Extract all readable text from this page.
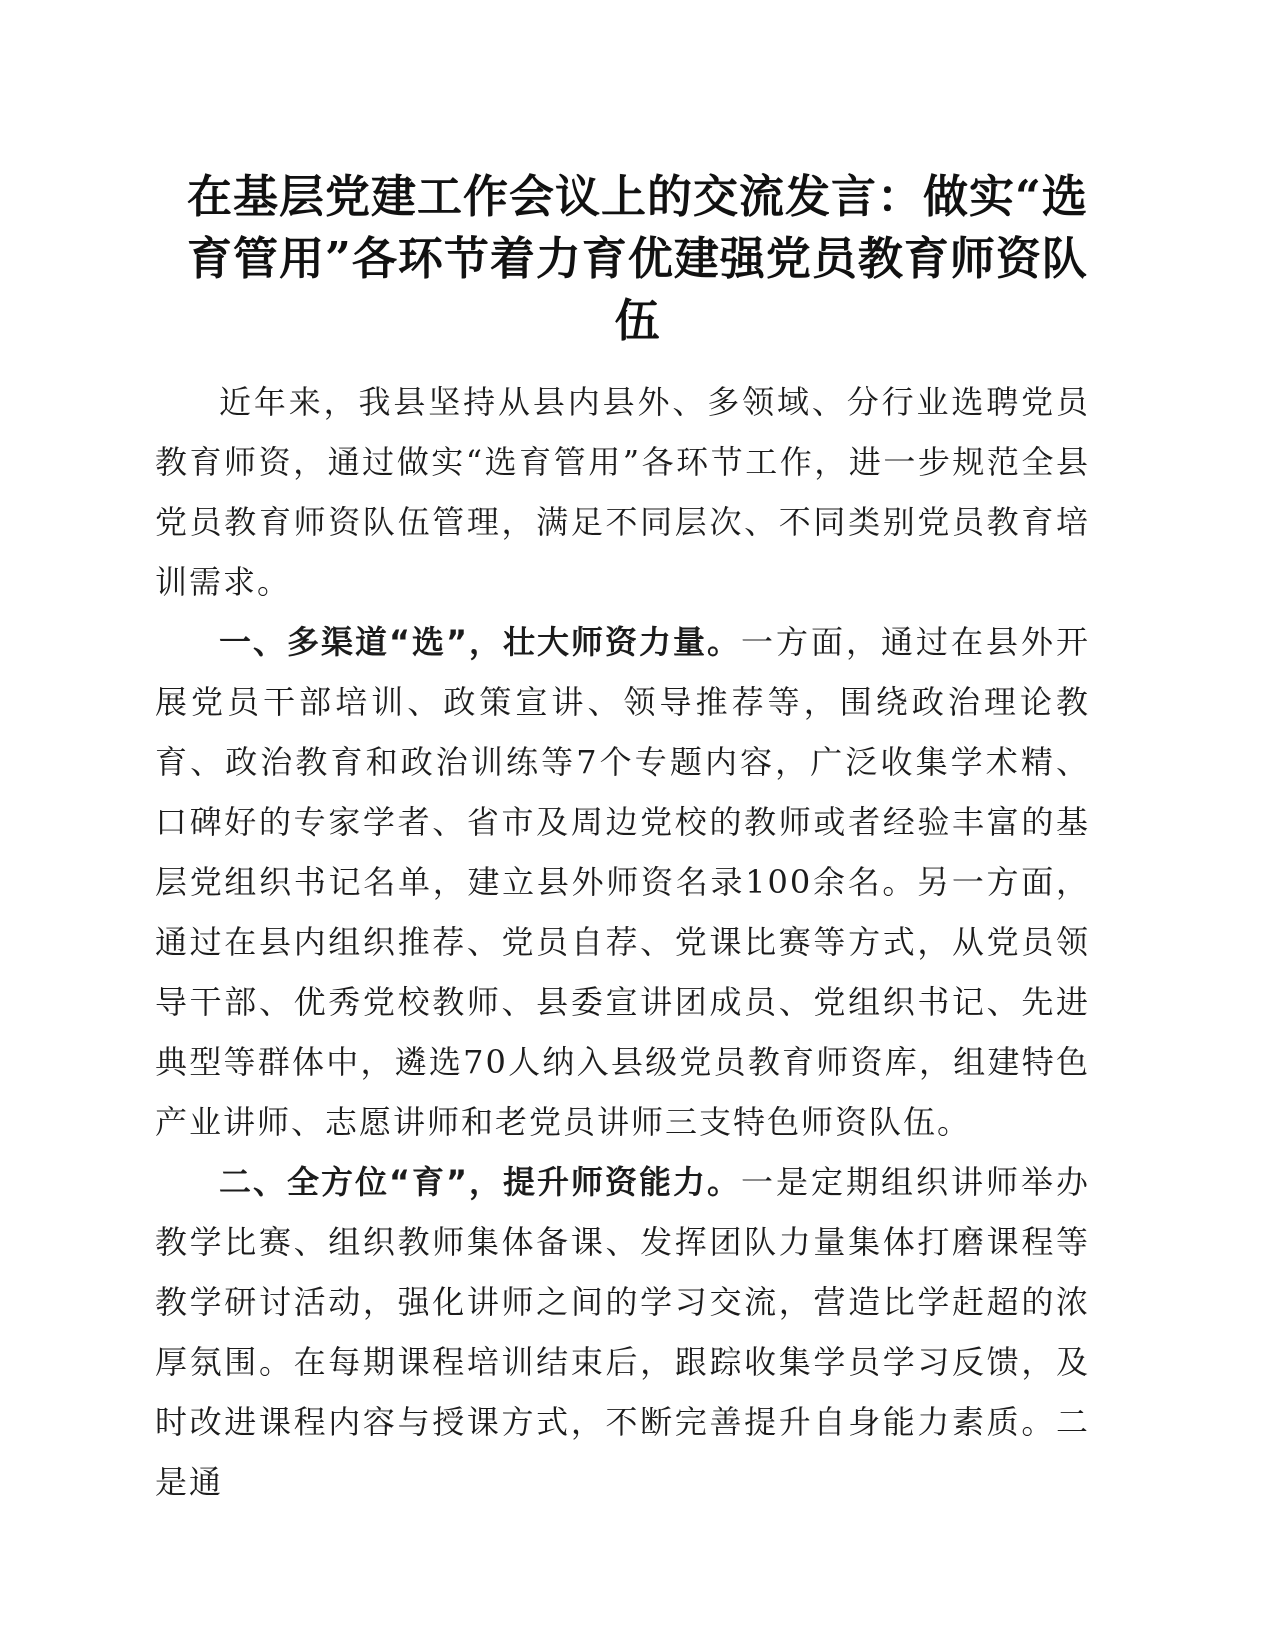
在基层党建工作会议上的交流发言：做实“选
育管用”各环节着力育优建强党员教育师资队
伍

近年来，我县坚持从县内县外、多领域、分行业选聘党员教育师资，通过做实“选育管用”各环节工作，进一步规范全县党员教育师资队伍管理，满足不同层次、不同类别党员教育培训需求。

一、多渠道“选”，壮大师资力量。一方面，通过在县外开展党员干部培训、政策宣讲、领导推荐等，围绕政治理论教育、政治教育和政治训练等7个专题内容，广泛收集学术精、口碑好的专家学者、省市及周边党校的教师或者经验丰富的基层党组织书记名单，建立县外师资名录100余名。另一方面，通过在县内组织推荐、党员自荐、党课比赛等方式，从党员领导干部、优秀党校教师、县委宣讲团成员、党组织书记、先进典型等群体中，遴选70人纳入县级党员教育师资库，组建特色产业讲师、志愿讲师和老党员讲师三支特色师资队伍。

二、全方位“育”，提升师资能力。一是定期组织讲师举办教学比赛、组织教师集体备课、发挥团队力量集体打磨课程等教学研讨活动，强化讲师之间的学习交流，营造比学赶超的浓厚氛围。在每期课程培训结束后，跟踪收集学员学习反馈，及时改进课程内容与授课方式，不断完善提升自身能力素质。二是通
